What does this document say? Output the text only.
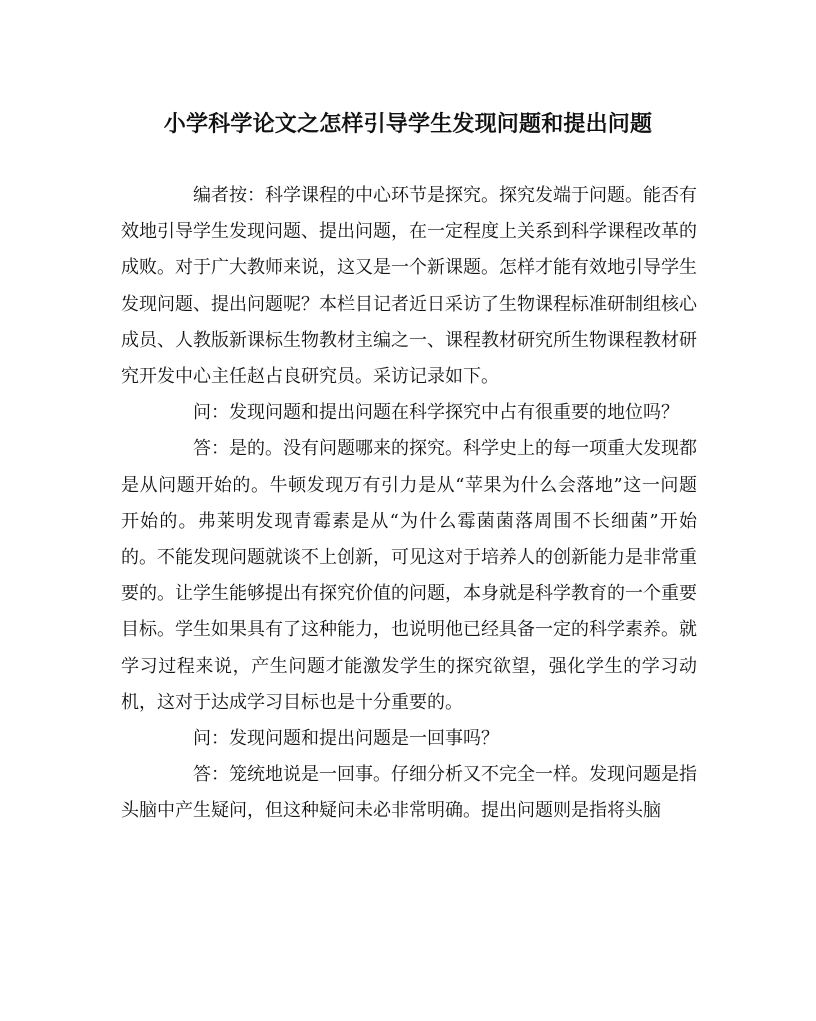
小学科学论文之怎样引导学生发现问题和提出问题

编者按：科学课程的中心环节是探究。探究发端于问题。能否有效地引导学生发现问题、提出问题，在一定程度上关系到科学课程改革的成败。对于广大教师来说，这又是一个新课题。怎样才能有效地引导学生发现问题、提出问题呢？本栏目记者近日采访了生物课程标准研制组核心成员、人教版新课标生物教材主编之一、课程教材研究所生物课程教材研究开发中心主任赵占良研究员。采访记录如下。

问：发现问题和提出问题在科学探究中占有很重要的地位吗？

答：是的。没有问题哪来的探究。科学史上的每一项重大发现都是从问题开始的。牛顿发现万有引力是从“苹果为什么会落地”这一问题开始的。弗莱明发现青霉素是从“为什么霉菌菌落周围不长细菌”开始的。不能发现问题就谈不上创新，可见这对于培养人的创新能力是非常重要的。让学生能够提出有探究价值的问题，本身就是科学教育的一个重要目标。学生如果具有了这种能力，也说明他已经具备一定的科学素养。就学习过程来说，产生问题才能激发学生的探究欲望，强化学生的学习动机，这对于达成学习目标也是十分重要的。

问：发现问题和提出问题是一回事吗？

答：笼统地说是一回事。仔细分析又不完全一样。发现问题是指头脑中产生疑问，但这种疑问未必非常明确。提出问题则是指将头脑
